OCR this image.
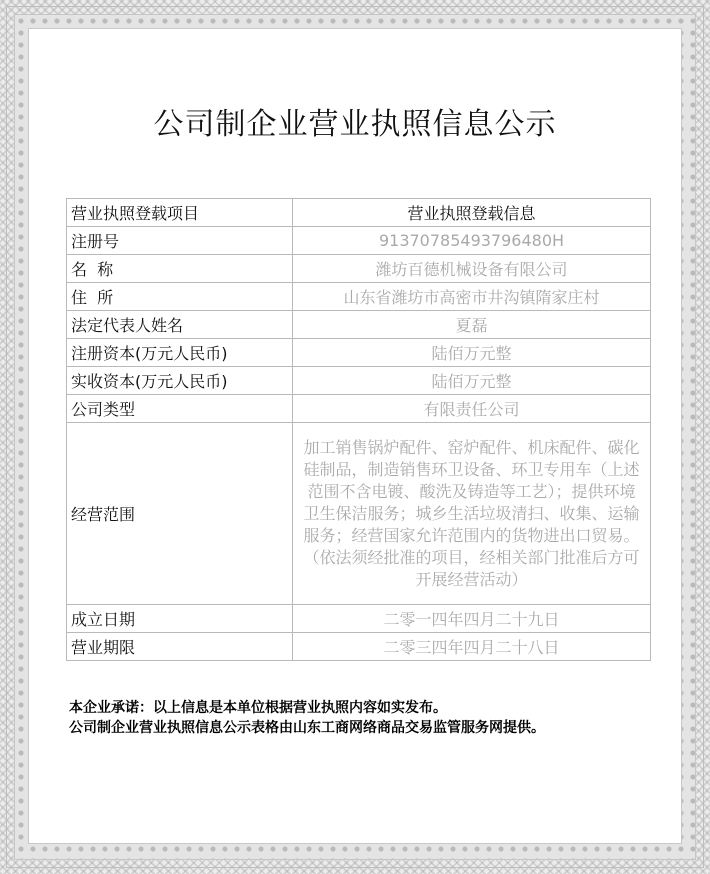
公司制企业营业执照信息公示
营业执照登载项目	营业执照登载信息
注册号	91370785493796480H
名  称	潍坊百德机械设备有限公司
住  所	山东省潍坊市高密市井沟镇隋家庄村
法定代表人姓名	夏磊
注册资本(万元人民币)	陆佰万元整
实收资本(万元人民币)	陆佰万元整
公司类型	有限责任公司
经营范围	加工销售锅炉配件、窑炉配件、机床配件、碳化硅制品，制造销售环卫设备、环卫专用车（上述范围不含电镀、酸洗及铸造等工艺）；提供环境卫生保洁服务；城乡生活垃圾清扫、收集、运输服务；经营国家允许范围内的货物进出口贸易。（依法须经批准的项目，经相关部门批准后方可开展经营活动）
成立日期	二零一四年四月二十九日
营业期限	二零三四年四月二十八日
本企业承诺：以上信息是本单位根据营业执照内容如实发布。
公司制企业营业执照信息公示表格由山东工商网络商品交易监管服务网提供。
